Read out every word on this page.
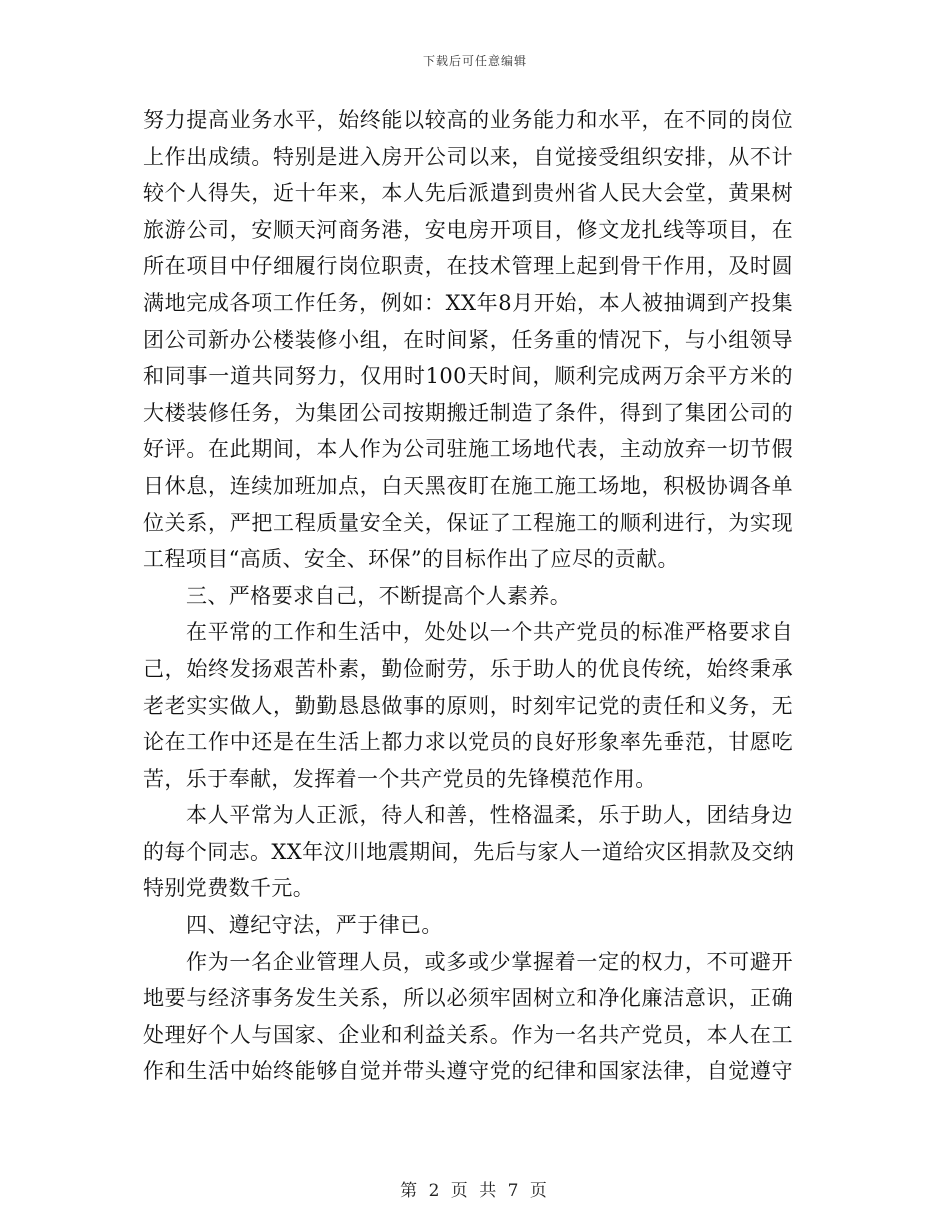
下载后可任意编辑
努力提高业务水平，始终能以较高的业务能力和水平，在不同的岗位
上作出成绩。特别是进入房开公司以来，自觉接受组织安排，从不计
较个人得失，近十年来，本人先后派遣到贵州省人民大会堂，黄果树
旅游公司，安顺天河商务港，安电房开项目，修文龙扎线等项目，在
所在项目中仔细履行岗位职责，在技术管理上起到骨干作用，及时圆
满地完成各项工作任务，例如：XX年8月开始，本人被抽调到产投集
团公司新办公楼装修小组，在时间紧，任务重的情况下，与小组领导
和同事一道共同努力，仅用时100天时间，顺利完成两万余平方米的
大楼装修任务，为集团公司按期搬迁制造了条件，得到了集团公司的
好评。在此期间，本人作为公司驻施工场地代表，主动放弃一切节假
日休息，连续加班加点，白天黑夜盯在施工施工场地，积极协调各单
位关系，严把工程质量安全关，保证了工程施工的顺利进行，为实现
工程项目“高质、安全、环保”的目标作出了应尽的贡献。
三、严格要求自己，不断提高个人素养。
在平常的工作和生活中，处处以一个共产党员的标准严格要求自
己，始终发扬艰苦朴素，勤俭耐劳，乐于助人的优良传统，始终秉承
老老实实做人，勤勤恳恳做事的原则，时刻牢记党的责任和义务，无
论在工作中还是在生活上都力求以党员的良好形象率先垂范，甘愿吃
苦，乐于奉献，发挥着一个共产党员的先锋模范作用。
本人平常为人正派，待人和善，性格温柔，乐于助人，团结身边
的每个同志。XX年汶川地震期间，先后与家人一道给灾区捐款及交纳
特别党费数千元。
四、遵纪守法，严于律已。
作为一名企业管理人员，或多或少掌握着一定的权力，不可避开
地要与经济事务发生关系，所以必须牢固树立和净化廉洁意识，正确
处理好个人与国家、企业和利益关系。作为一名共产党员，本人在工
作和生活中始终能够自觉并带头遵守党的纪律和国家法律，自觉遵守
第 2 页 共 7 页
